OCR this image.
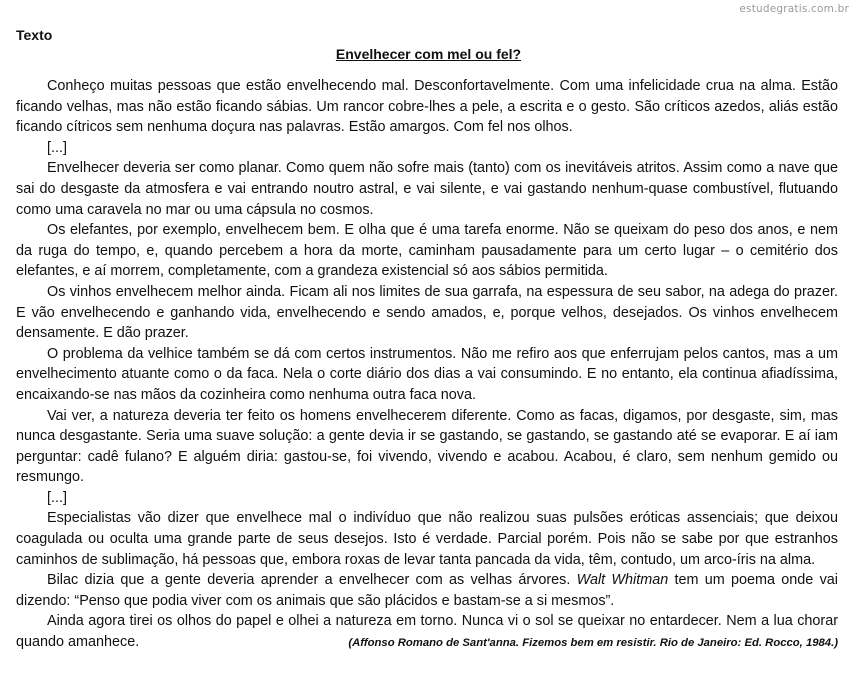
estudegratis.com.br
Texto
Envelhecer com mel ou fel?

Conheço muitas pessoas que estão envelhecendo mal. Desconfortavelmente. Com uma infelicidade crua na alma. Estão ficando velhas, mas não estão ficando sábias. Um rancor cobre-lhes a pele, a escrita e o gesto. São críticos azedos, aliás estão ficando cítricos sem nenhuma doçura nas palavras. Estão amargos. Com fel nos olhos.

[...]

Envelhecer deveria ser como planar. Como quem não sofre mais (tanto) com os inevitáveis atritos. Assim como a nave que sai do desgaste da atmosfera e vai entrando noutro astral, e vai silente, e vai gastando nenhum-quase combustível, flutuando como uma caravela no mar ou uma cápsula no cosmos.

Os elefantes, por exemplo, envelhecem bem. E olha que é uma tarefa enorme. Não se queixam do peso dos anos, e nem da ruga do tempo, e, quando percebem a hora da morte, caminham pausadamente para um certo lugar – o cemitério dos elefantes, e aí morrem, completamente, com a grandeza existencial só aos sábios permitida.

Os vinhos envelhecem melhor ainda. Ficam ali nos limites de sua garrafa, na espessura de seu sabor, na adega do prazer. E vão envelhecendo e ganhando vida, envelhecendo e sendo amados, e, porque velhos, desejados. Os vinhos envelhecem densamente. E dão prazer.

O problema da velhice também se dá com certos instrumentos. Não me refiro aos que enferrujam pelos cantos, mas a um envelhecimento atuante como o da faca. Nela o corte diário dos dias a vai consumindo. E no entanto, ela continua afiadíssima, encaixando-se nas mãos da cozinheira como nenhuma outra faca nova.

Vai ver, a natureza deveria ter feito os homens envelhecerem diferente. Como as facas, digamos, por desgaste, sim, mas nunca desgastante. Seria uma suave solução: a gente devia ir se gastando, se gastando, se gastando até se evaporar. E aí iam perguntar: cadê fulano? E alguém diria: gastou-se, foi vivendo, vivendo e acabou. Acabou, é claro, sem nenhum gemido ou resmungo.

[...]

Especialistas vão dizer que envelhece mal o indivíduo que não realizou suas pulsões eróticas assenciais; que deixou coagulada ou oculta uma grande parte de seus desejos. Isto é verdade. Parcial porém. Pois não se sabe por que estranhos caminhos de sublimação, há pessoas que, embora roxas de levar tanta pancada da vida, têm, contudo, um arco-íris na alma.

Bilac dizia que a gente deveria aprender a envelhecer com as velhas árvores. Walt Whitman tem um poema onde vai dizendo: “Penso que podia viver com os animais que são plácidos e bastam-se a si mesmos”.

Ainda agora tirei os olhos do papel e olhei a natureza em torno. Nunca vi o sol se queixar no entardecer. Nem a lua chorar quando amanhece.	(Affonso Romano de Sant'anna. Fizemos bem em resistir. Rio de Janeiro: Ed. Rocco, 1984.)
